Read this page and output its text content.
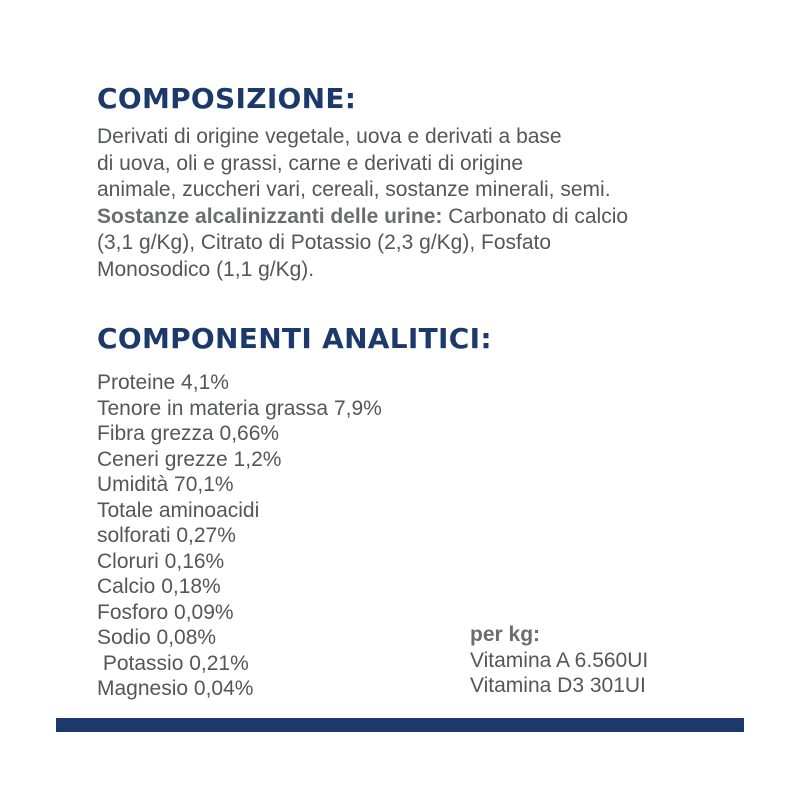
COMPOSIZIONE:
Derivati di origine vegetale, uova e derivati a base
di uova, oli e grassi, carne e derivati di origine
animale, zuccheri vari, cereali, sostanze minerali, semi.
Sostanze alcalinizzanti delle urine: Carbonato di calcio
(3,1 g/Kg), Citrato di Potassio (2,3 g/Kg), Fosfato
Monosodico (1,1 g/Kg).
COMPONENTI ANALITICI:
Proteine 4,1%
Tenore in materia grassa 7,9%
Fibra grezza 0,66%
Ceneri grezze 1,2%
Umidità 70,1%
Totale aminoacidi
solforati 0,27%
Cloruri 0,16%
Calcio 0,18%
Fosforo 0,09%
Sodio 0,08%
Potassio 0,21%
Magnesio 0,04%
per kg:
Vitamina A 6.560UI
Vitamina D3 301UI
